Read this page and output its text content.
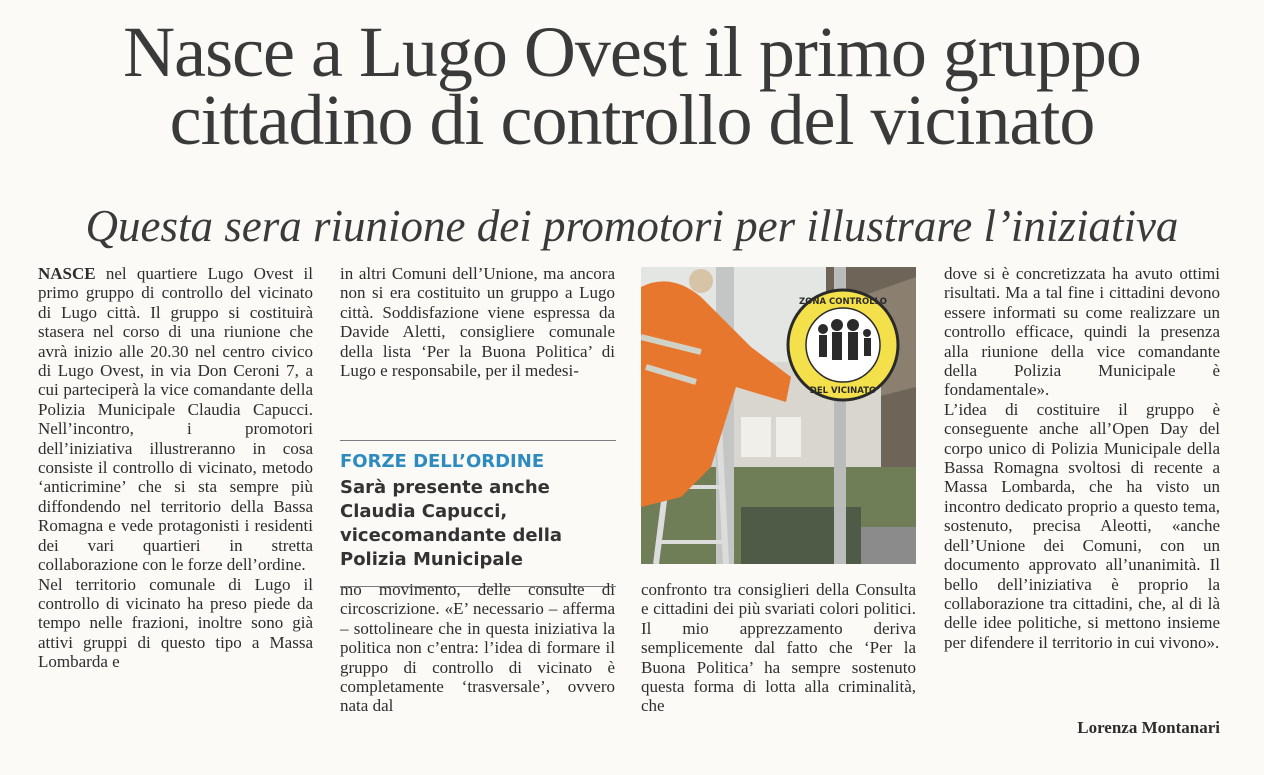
Nasce a Lugo Ovest il primo gruppo
cittadino di controllo del vicinato
Questa sera riunione dei promotori per illustrare l’iniziativa

NASCE nel quartiere Lugo Ovest il primo gruppo di controllo del vicinato di Lugo città. Il gruppo si costituirà stasera nel corso di una riunione che avrà inizio alle 20.30 nel centro civico di Lugo Ovest, in via Don Ceroni 7, a cui parteciperà la vice comandante della Polizia Municipale Claudia Capucci. Nell’incontro, i promotori dell’iniziativa illustreranno in cosa consiste il controllo di vicinato, metodo ‘anticrimine’ che si sta sempre più diffondendo nel territorio della Bassa Romagna e vede protagonisti i residenti dei vari quartieri in stretta collaborazione con le forze dell’ordine.

Nel territorio comunale di Lugo il controllo di vicinato ha preso piede da tempo nelle frazioni, inoltre sono già attivi gruppi di questo tipo a Massa Lombarda e

in altri Comuni dell’Unione, ma ancora non si era costituito un gruppo a Lugo città. Soddisfazione viene espressa da Davide Aletti, consigliere comunale della lista ‘Per la Buona Politica’ di Lugo e responsabile, per il medesi-

FORZE DELL’ORDINE
Sarà presente anche Claudia Capucci, vicecomandante della Polizia Municipale
ZONA CONTROLLO
DEL VICINATO

mo movimento, delle consulte di circoscrizione. «E’ necessario – afferma – sottolineare che in questa iniziativa la politica non c’entra: l’idea di formare il gruppo di controllo di vicinato è completamente ‘trasversale’, ovvero nata dal

confronto tra consiglieri della Consulta e cittadini dei più svariati colori politici. Il mio apprezzamento deriva semplicemente dal fatto che ‘Per la Buona Politica’ ha sempre sostenuto questa forma di lotta alla criminalità, che

dove si è concretizzata ha avuto ottimi risultati. Ma a tal fine i cittadini devono essere informati su come realizzare un controllo efficace, quindi la presenza alla riunione della vice comandante della Polizia Municipale è fondamentale».

L’idea di costituire il gruppo è conseguente anche all’Open Day del corpo unico di Polizia Municipale della Bassa Romagna svoltosi di recente a Massa Lombarda, che ha visto un incontro dedicato proprio a questo tema, sostenuto, precisa Aleotti, «anche dell’Unione dei Comuni, con un documento approvato all’unanimità. Il bello dell’iniziativa è proprio la collaborazione tra cittadini, che, al di là delle idee politiche, si mettono insieme per difendere il territorio in cui vivono».

Lorenza Montanari
